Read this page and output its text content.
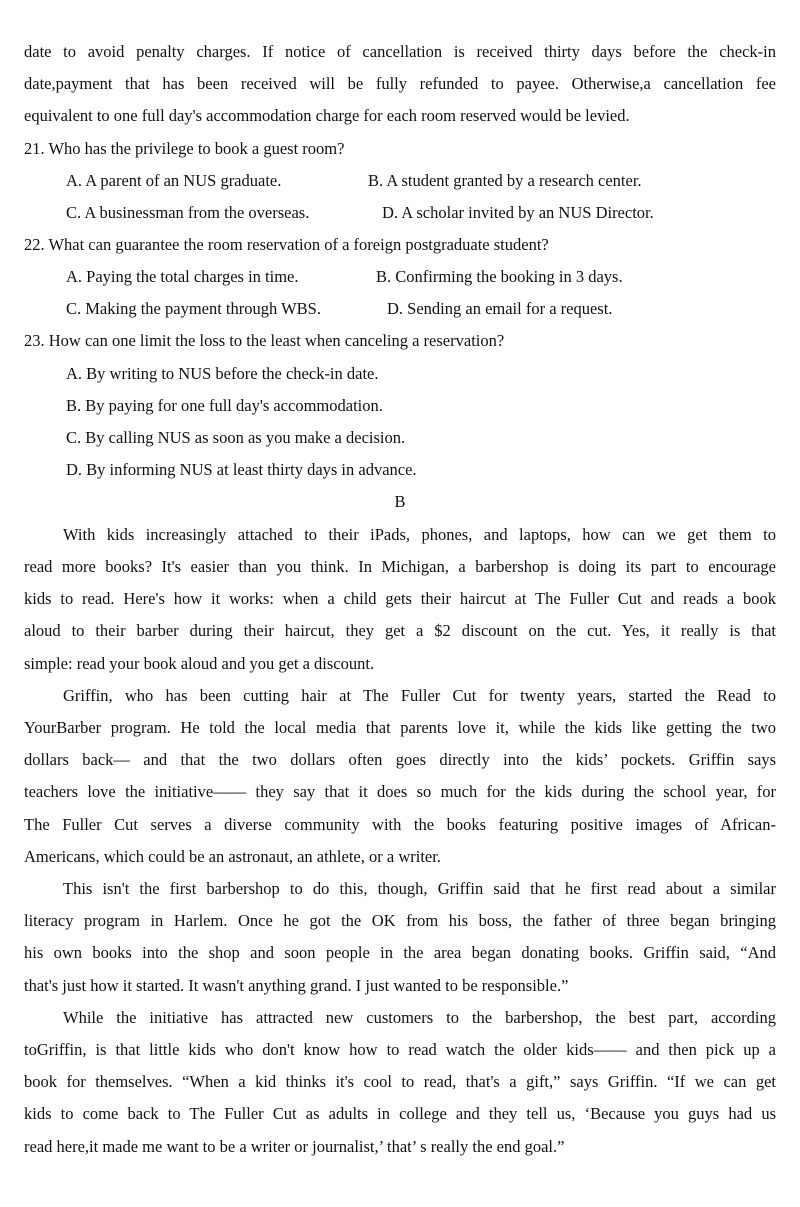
date to avoid penalty charges. If notice of cancellation is received thirty days before the check-in
date,payment that has been received will be fully refunded to payee. Otherwise,a cancellation fee
equivalent to one full day's accommodation charge for each room reserved would be levied.
21. Who has the privilege to book a guest room?
A. A parent of an NUS graduate.	B. A student granted by a research center.
C. A businessman from the overseas.	D. A scholar invited by an NUS Director.
22. What can guarantee the room reservation of a foreign postgraduate student?
A. Paying the total charges in time.	B. Confirming the booking in 3 days.
C. Making the payment through WBS.	D. Sending an email for a request.
23. How can one limit the loss to the least when canceling a reservation?
A. By writing to NUS before the check-in date.
B. By paying for one full day's accommodation.
C. By calling NUS as soon as you make a decision.
D. By informing NUS at least thirty days in advance.
B
With kids increasingly attached to their iPads, phones, and laptops, how can we get them to
read more books? It's easier than you think. In Michigan, a barbershop is doing its part to encourage
kids to read. Here's how it works: when a child gets their haircut at The Fuller Cut and reads a book
aloud to their barber during their haircut, they get a $2 discount on the cut. Yes, it really is that
simple: read your book aloud and you get a discount.
Griffin, who has been cutting hair at The Fuller Cut for twenty years, started the Read to
YourBarber program. He told the local media that parents love it, while the kids like getting the two
dollars back— and that the two dollars often goes directly into the kids’ pockets. Griffin says
teachers love the initiative—— they say that it does so much for the kids during the school year, for
The Fuller Cut serves a diverse community with the books featuring positive images of African-
Americans, which could be an astronaut, an athlete, or a writer.
This isn't the first barbershop to do this, though, Griffin said that he first read about a similar
literacy program in Harlem. Once he got the OK from his boss, the father of three began bringing
his own books into the shop and soon people in the area began donating books. Griffin said, “And
that's just how it started. It wasn't anything grand. I just wanted to be responsible.”
While the initiative has attracted new customers to the barbershop, the best part, according
toGriffin, is that little kids who don't know how to read watch the older kids—— and then pick up a
book for themselves. “When a kid thinks it's cool to read, that's a gift,” says Griffin. “If we can get
kids to come back to The Fuller Cut as adults in college and they tell us, ‘Because you guys had us
read here,it made me want to be a writer or journalist,’ that’ s really the end goal.”
